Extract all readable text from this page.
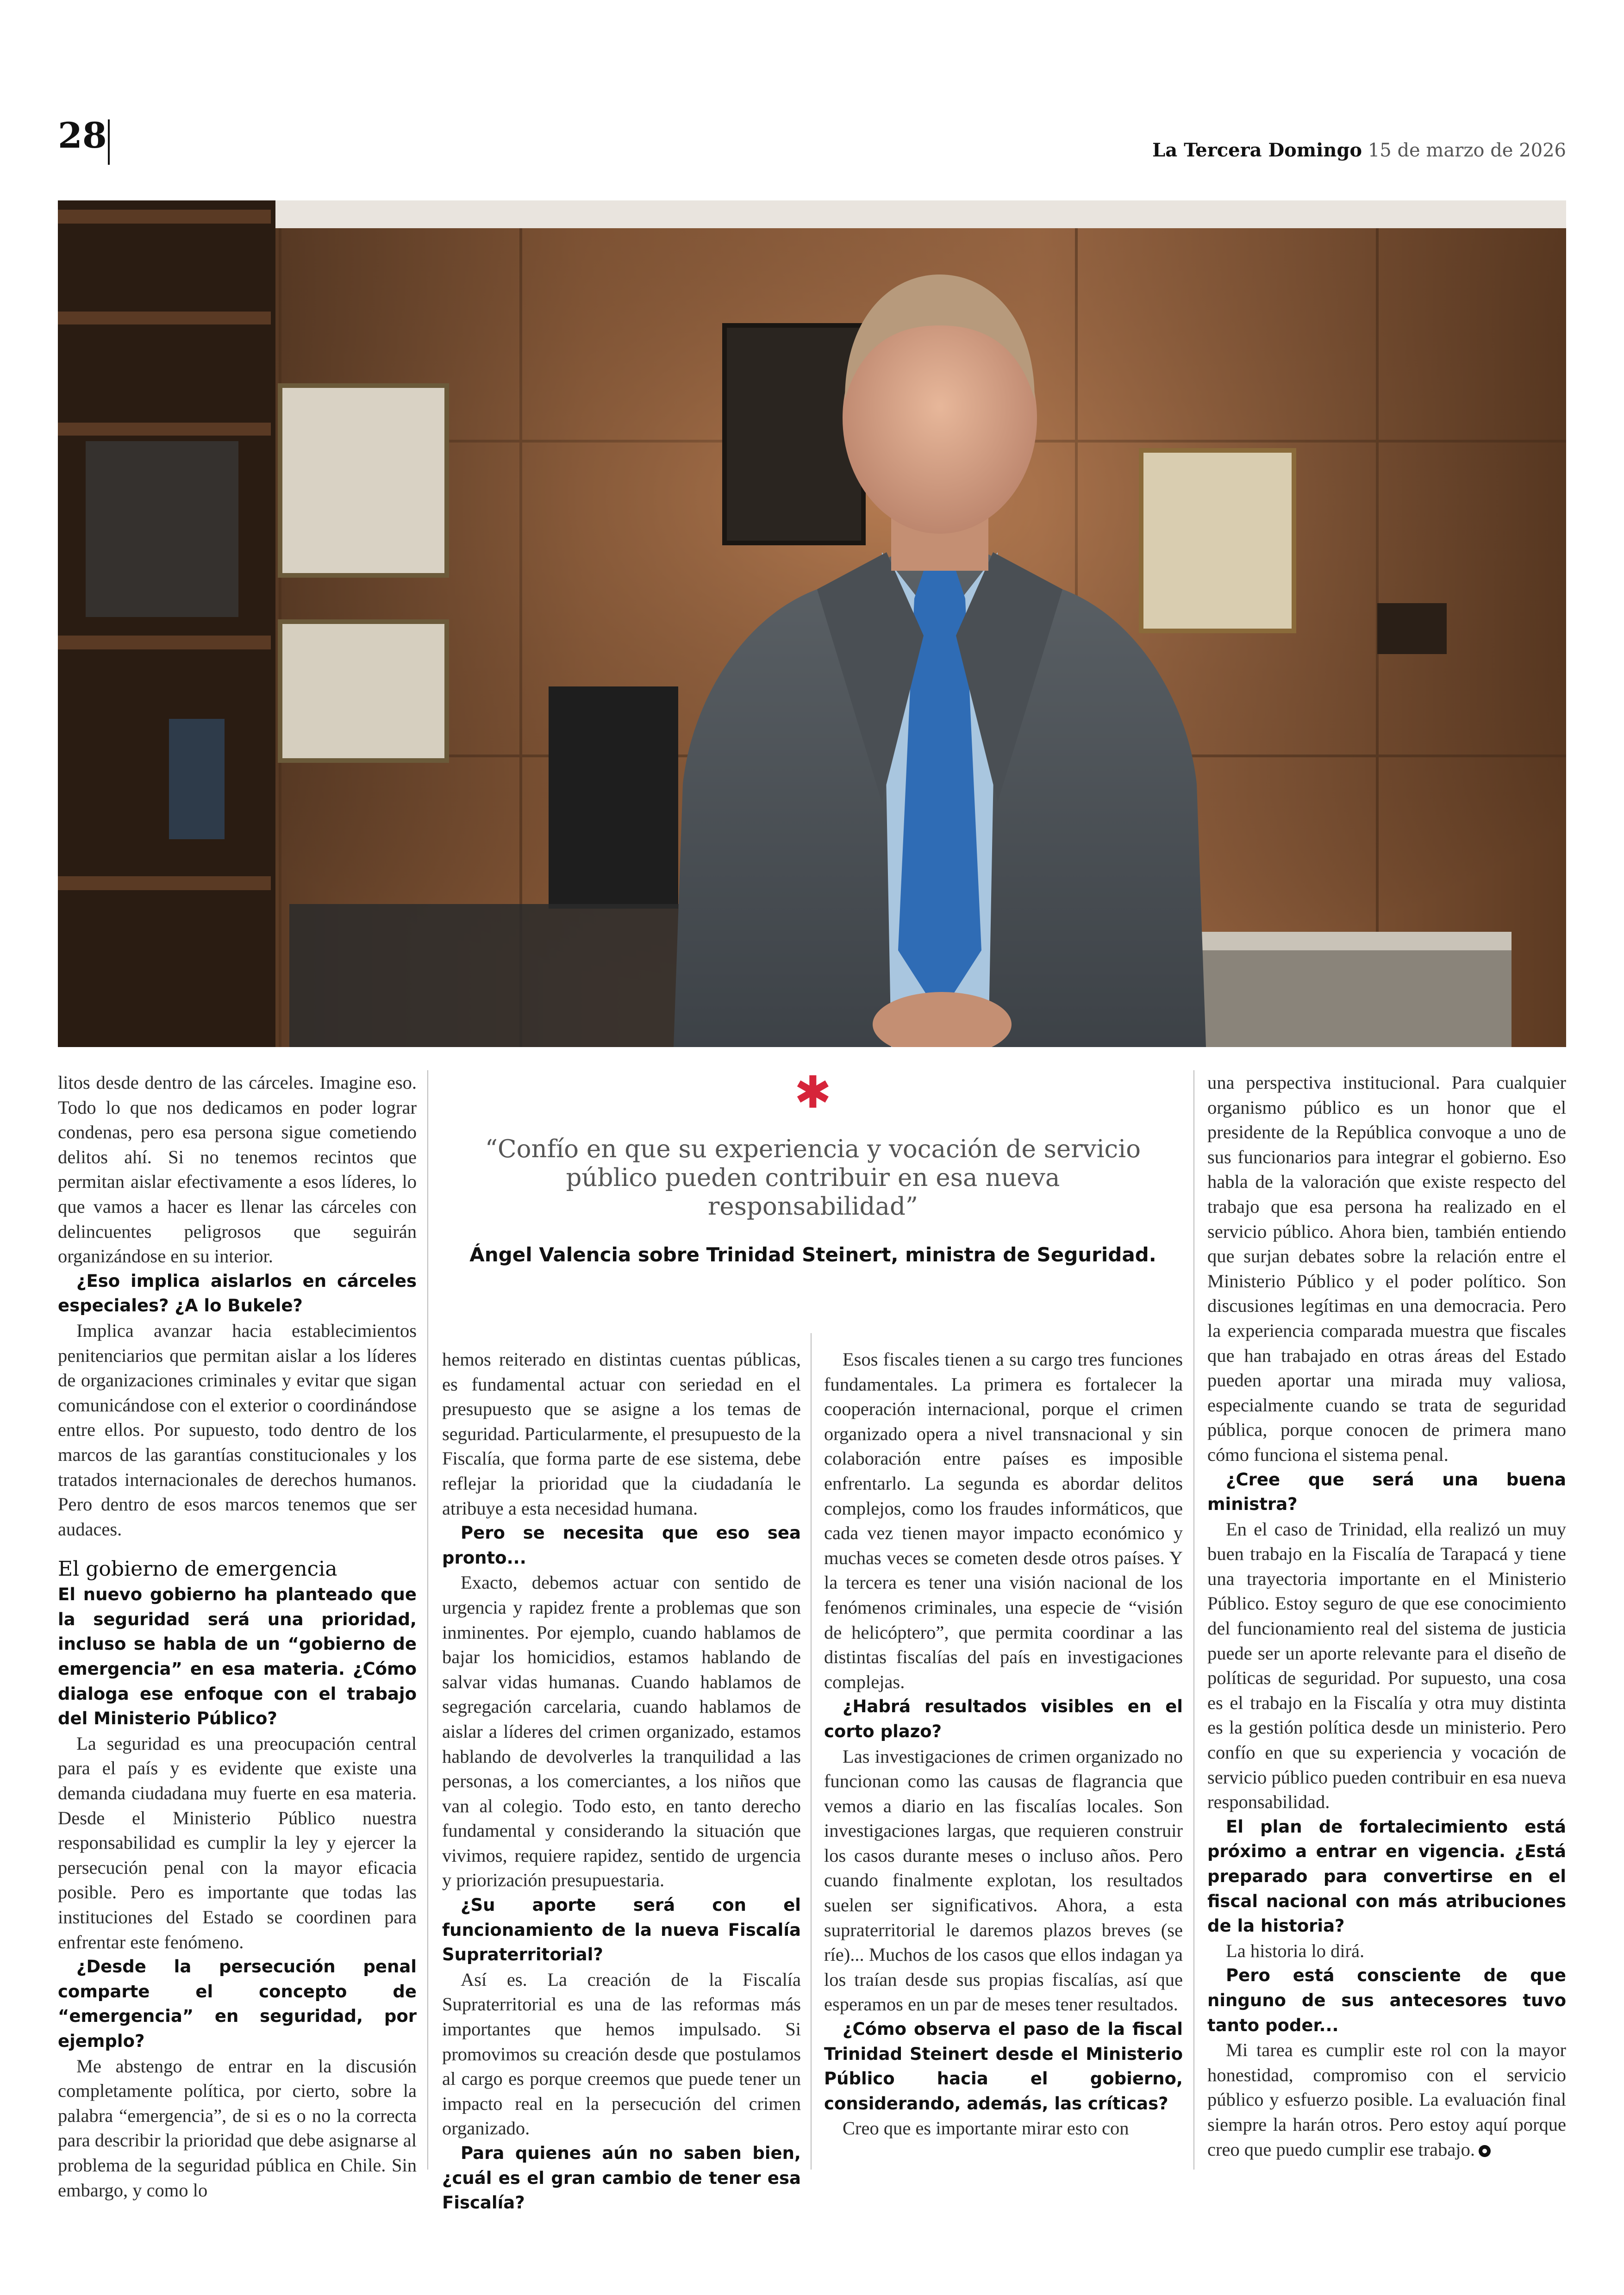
28	La Tercera Domingo 15 de marzo de 2026
✱
“Confío en que su experiencia y vocación de servicio público pueden contribuir en esa nueva responsabilidad”
Ángel Valencia sobre Trinidad Steinert, ministra de Seguridad.

litos desde dentro de las cárceles. Imagine eso. Todo lo que nos dedicamos en poder lograr condenas, pero esa persona sigue cometiendo delitos ahí. Si no tenemos recintos que permitan aislar efectivamente a esos líderes, lo que vamos a hacer es llenar las cárceles con delincuentes peligrosos que seguirán organizándose en su interior.

¿Eso implica aislarlos en cárceles especiales? ¿A lo Bukele?

Implica avanzar hacia establecimientos penitenciarios que permitan aislar a los líderes de organizaciones criminales y evitar que sigan comunicándose con el exterior o coordinándose entre ellos. Por supuesto, todo dentro de los marcos de las garantías constitucionales y los tratados internacionales de derechos humanos. Pero dentro de esos marcos tenemos que ser audaces.

El gobierno de emergencia

El nuevo gobierno ha planteado que la seguridad será una prioridad, incluso se habla de un “gobierno de emergencia” en esa materia. ¿Cómo dialoga ese enfoque con el trabajo del Ministerio Público?

La seguridad es una preocupación central para el país y es evidente que existe una demanda ciudadana muy fuerte en esa materia. Desde el Ministerio Público nuestra responsabilidad es cumplir la ley y ejercer la persecución penal con la mayor eficacia posible. Pero es importante que todas las instituciones del Estado se coordinen para enfrentar este fenómeno.

¿Desde la persecución penal comparte el concepto de “emergencia” en seguridad, por ejemplo?

Me abstengo de entrar en la discusión completamente política, por cierto, sobre la palabra “emergencia”, de si es o no la correcta para describir la prioridad que debe asignarse al problema de la seguridad pública en Chile. Sin embargo, y como lo

hemos reiterado en distintas cuentas públicas, es fundamental actuar con seriedad en el presupuesto que se asigne a los temas de seguridad. Particularmente, el presupuesto de la Fiscalía, que forma parte de ese sistema, debe reflejar la prioridad que la ciudadanía le atribuye a esta necesidad humana.

Pero se necesita que eso sea pronto...

Exacto, debemos actuar con sentido de urgencia y rapidez frente a problemas que son inminentes. Por ejemplo, cuando hablamos de bajar los homicidios, estamos hablando de salvar vidas humanas. Cuando hablamos de segregación carcelaria, cuando hablamos de aislar a líderes del crimen organizado, estamos hablando de devolverles la tranquilidad a las personas, a los comerciantes, a los niños que van al colegio. Todo esto, en tanto derecho fundamental y considerando la situación que vivimos, requiere rapidez, sentido de urgencia y priorización presupuestaria.

¿Su aporte será con el funcionamiento de la nueva Fiscalía Supraterritorial?

Así es. La creación de la Fiscalía Supraterritorial es una de las reformas más importantes que hemos impulsado. Si promovimos su creación desde que postulamos al cargo es porque creemos que puede tener un impacto real en la persecución del crimen organizado.

Para quienes aún no saben bien, ¿cuál es el gran cambio de tener esa Fiscalía?

Esos fiscales tienen a su cargo tres funciones fundamentales. La primera es fortalecer la cooperación internacional, porque el crimen organizado opera a nivel transnacional y sin colaboración entre países es imposible enfrentarlo. La segunda es abordar delitos complejos, como los fraudes informáticos, que cada vez tienen mayor impacto económico y muchas veces se cometen desde otros países. Y la tercera es tener una visión nacional de los fenómenos criminales, una especie de “visión de helicóptero”, que permita coordinar a las distintas fiscalías del país en investigaciones complejas.

¿Habrá resultados visibles en el corto plazo?

Las investigaciones de crimen organizado no funcionan como las causas de flagrancia que vemos a diario en las fiscalías locales. Son investigaciones largas, que requieren construir los casos durante meses o incluso años. Pero cuando finalmente explotan, los resultados suelen ser significativos. Ahora, a esta supraterritorial le daremos plazos breves (se ríe)... Muchos de los casos que ellos indagan ya los traían desde sus propias fiscalías, así que esperamos en un par de meses tener resultados.

¿Cómo observa el paso de la fiscal Trinidad Steinert desde el Ministerio Público hacia el gobierno, considerando, además, las críticas?

Creo que es importante mirar esto con

una perspectiva institucional. Para cualquier organismo público es un honor que el presidente de la República convoque a uno de sus funcionarios para integrar el gobierno. Eso habla de la valoración que existe respecto del trabajo que esa persona ha realizado en el servicio público. Ahora bien, también entiendo que surjan debates sobre la relación entre el Ministerio Público y el poder político. Son discusiones legítimas en una democracia. Pero la experiencia comparada muestra que fiscales que han trabajado en otras áreas del Estado pueden aportar una mirada muy valiosa, especialmente cuando se trata de seguridad pública, porque conocen de primera mano cómo funciona el sistema penal.

¿Cree que será una buena ministra?

En el caso de Trinidad, ella realizó un muy buen trabajo en la Fiscalía de Tarapacá y tiene una trayectoria importante en el Ministerio Público. Estoy seguro de que ese conocimiento del funcionamiento real del sistema de justicia puede ser un aporte relevante para el diseño de políticas de seguridad. Por supuesto, una cosa es el trabajo en la Fiscalía y otra muy distinta es la gestión política desde un ministerio. Pero confío en que su experiencia y vocación de servicio público pueden contribuir en esa nueva responsabilidad.

El plan de fortalecimiento está próximo a entrar en vigencia. ¿Está preparado para convertirse en el fiscal nacional con más atribuciones de la historia?

La historia lo dirá.

Pero está consciente de que ninguno de sus antecesores tuvo tanto poder...

Mi tarea es cumplir este rol con la mayor honestidad, compromiso con el servicio público y esfuerzo posible. La evaluación final siempre la harán otros. Pero estoy aquí porque creo que puedo cumplir ese trabajo.
